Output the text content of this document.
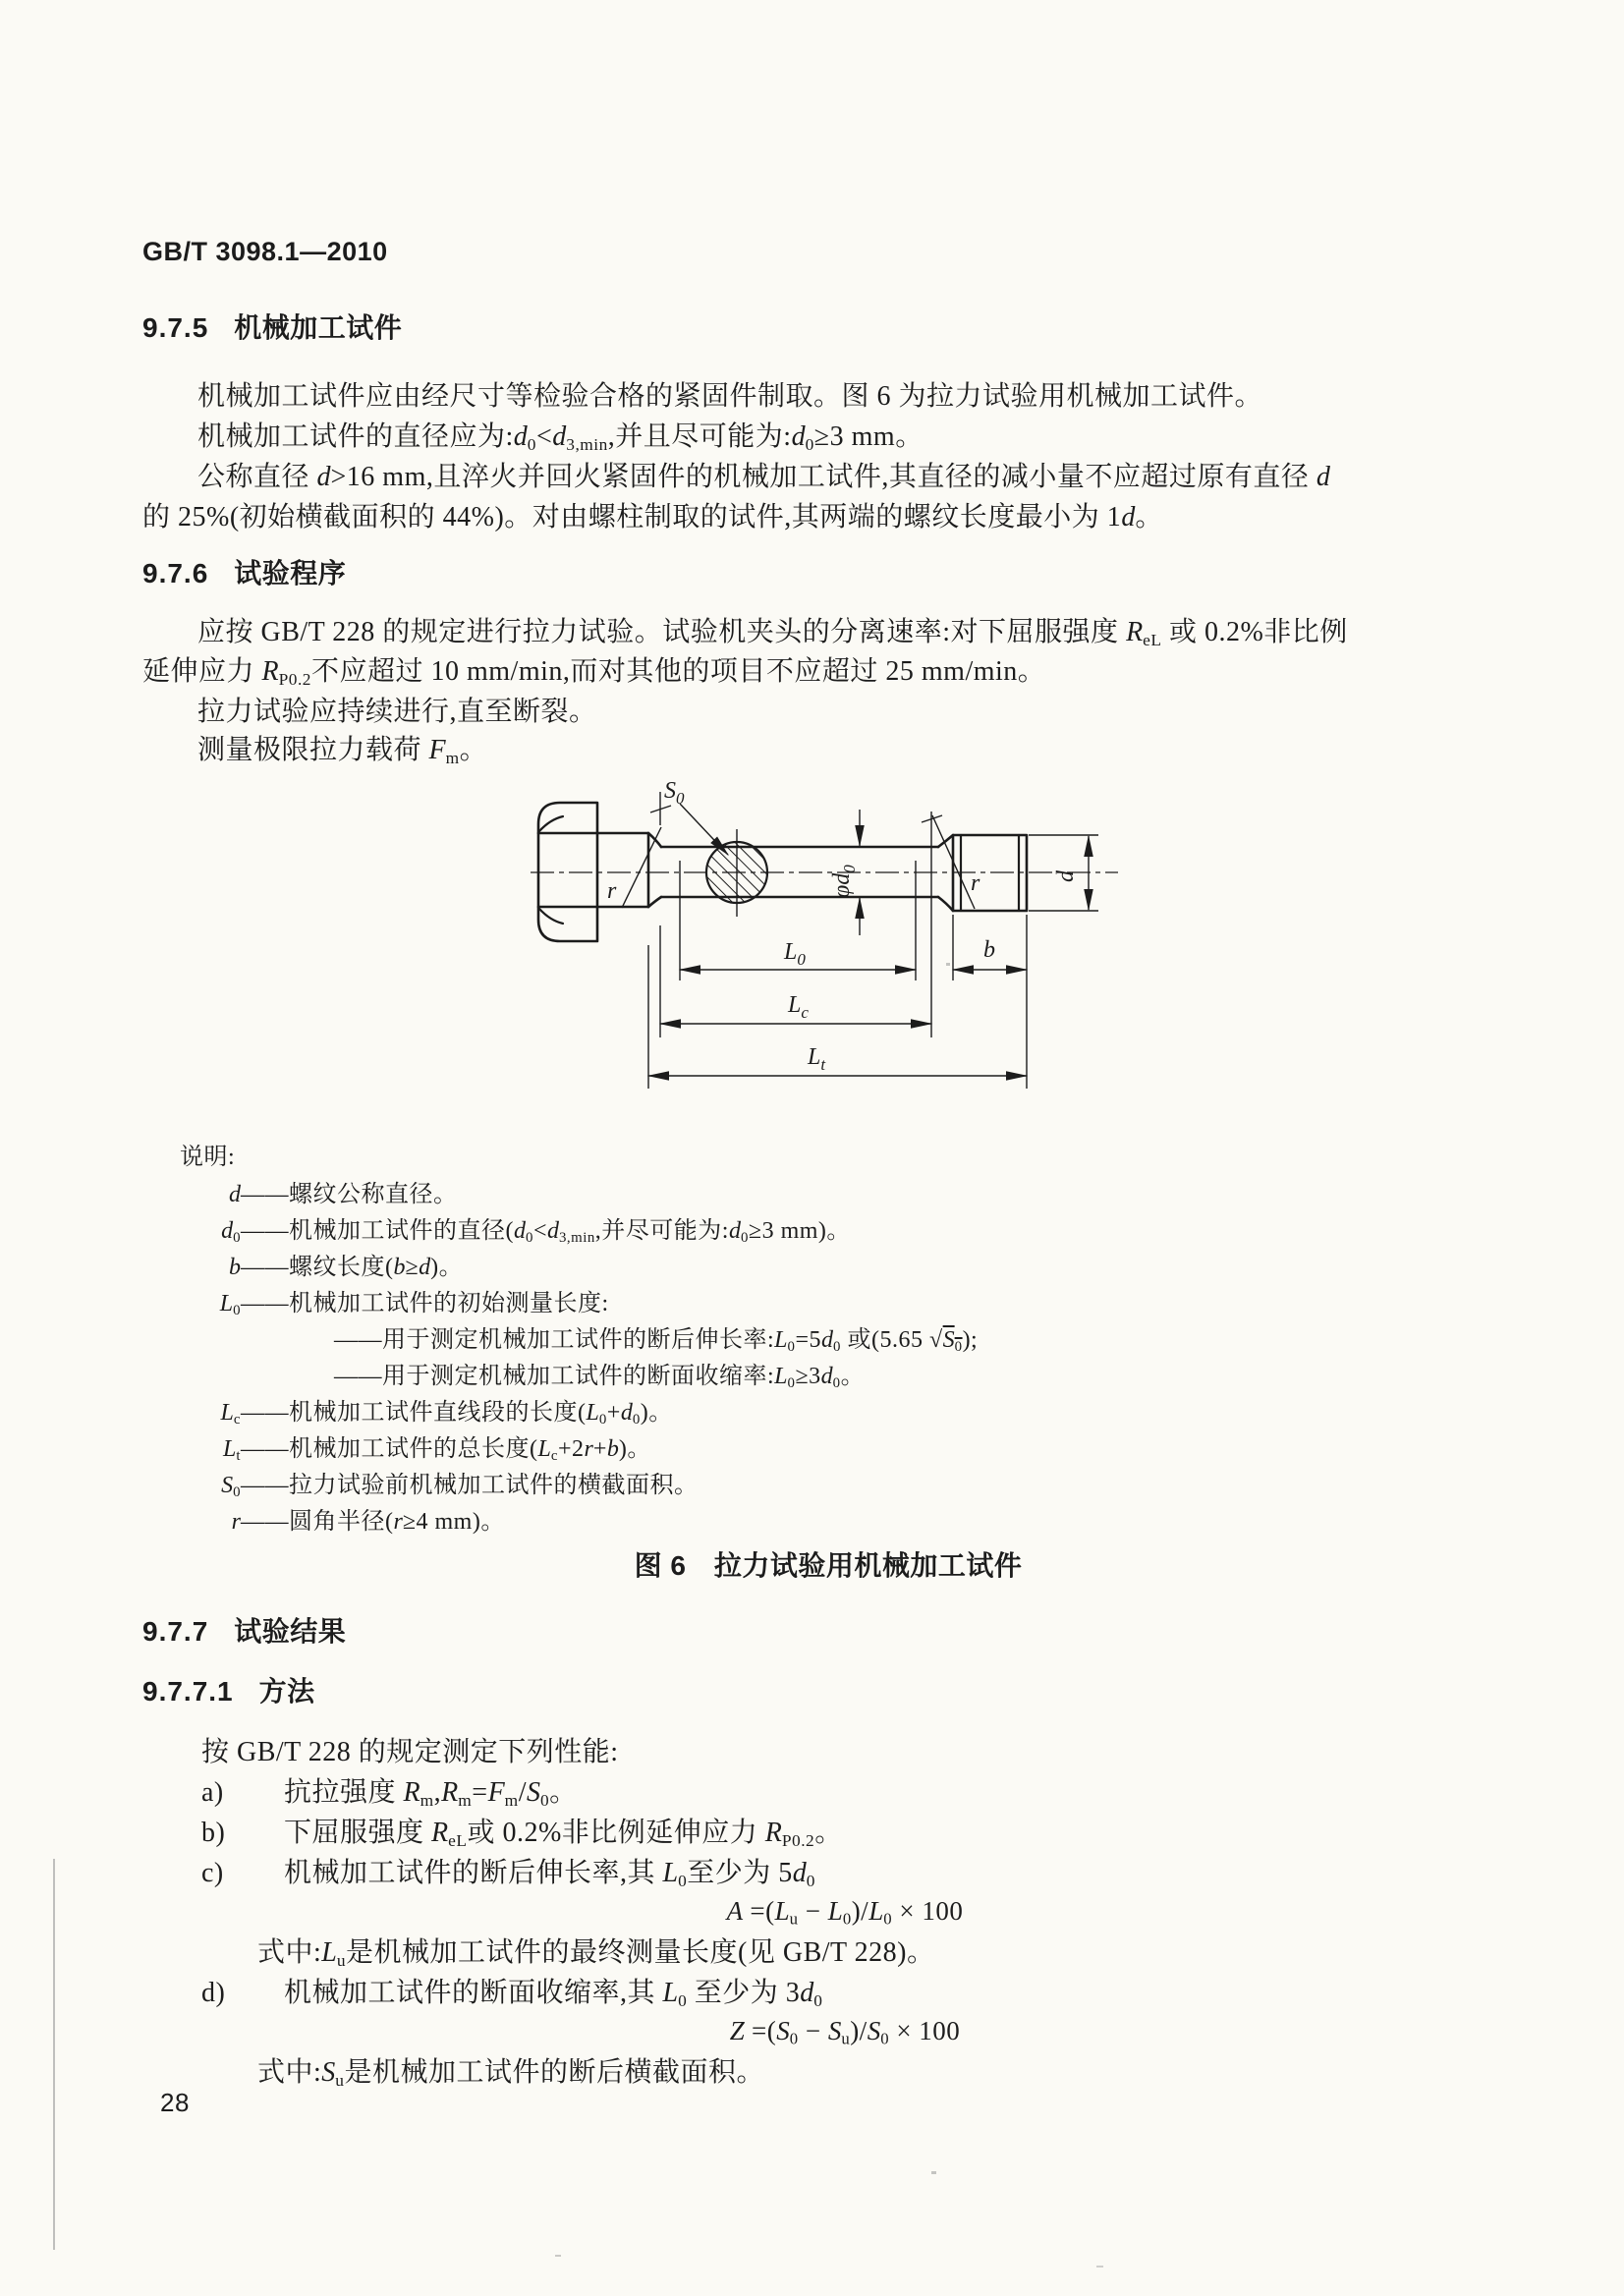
GB/T 3098.1—2010
9.7.5 机械加工试件
机械加工试件应由经尺寸等检验合格的紧固件制取。图 6 为拉力试验用机械加工试件。
机械加工试件的直径应为$:d_0<d_{3,min}$,并且尽可能为$:d_0\ge 3$ mm。
公称直径 d>16 mm,且淬火并回火紧固件的机械加工试件,其直径的减小量不应超过原有直径 d
的 25%(初始横截面积的 44%)。对由螺柱制取的试件,其两端的螺纹长度最小为 1d。
9.7.6 试验程序
应按 GB/T 228 的规定进行拉力试验。试验机夹头的分离速率:对下屈服强度 $R_{eL}$ 或 0.2%非比例
延伸应力 $R_{P0.2}$不应超过 10 mm/min,而对其他的项目不应超过 25 mm/min。
拉力试验应持续进行,直至断裂。
测量极限拉力载荷 $F_m$。
$S_0$
$\varphi d_0$
r	r
$L_0$	b
$L_c$
$L_t$
d
说明:
d——螺纹公称直径。
$d_0——$机械加工试件的直径($d_0<d_{3,min}$,并尽可能为$:d_0\ge 3$ mm)。
b——螺纹长度(b≥d)。
$L_0——$机械加工试件的初始测量长度:
——用于测定机械加工试件的断后伸长率$:L_0=5d_0$ 或(5.65 $√S_0$);
——用于测定机械加工试件的断面收缩率$:L_0\ge 3d_0$。
$L_c——$机械加工试件直线段的长度$(L_0+d_0)$。
$L_t——$机械加工试件的总长度$(L_c+2r+b)$。
$S_0——$拉力试验前机械加工试件的横截面积。
r——圆角半径(r≥4 mm)。
图 6　拉力试验用机械加工试件
9.7.7 试验结果
9.7.7.1 方法
按 GB/T 228 的规定测定下列性能:
a) 抗拉强度 $R_m,R_m=F_m/S_0$。
b) 下屈服强度 $R_{eL}$或 0.2%非比例延伸应力 $R_{P0.2}$。
c) 机械加工试件的断后伸长率,其 $L_0$至少为 $5d_0$
$A =(L_u - L_0)/L_0 \times 100$
式中$:L_u$是机械加工试件的最终测量长度(见 GB/T 228)。
d) 机械加工试件的断面收缩率,其 $L_0$ 至少为 $3d_0$
$Z =(S_0 - S_u)/S_0 \times 100$
式中$:S_u$是机械加工试件的断后横截面积。
28
